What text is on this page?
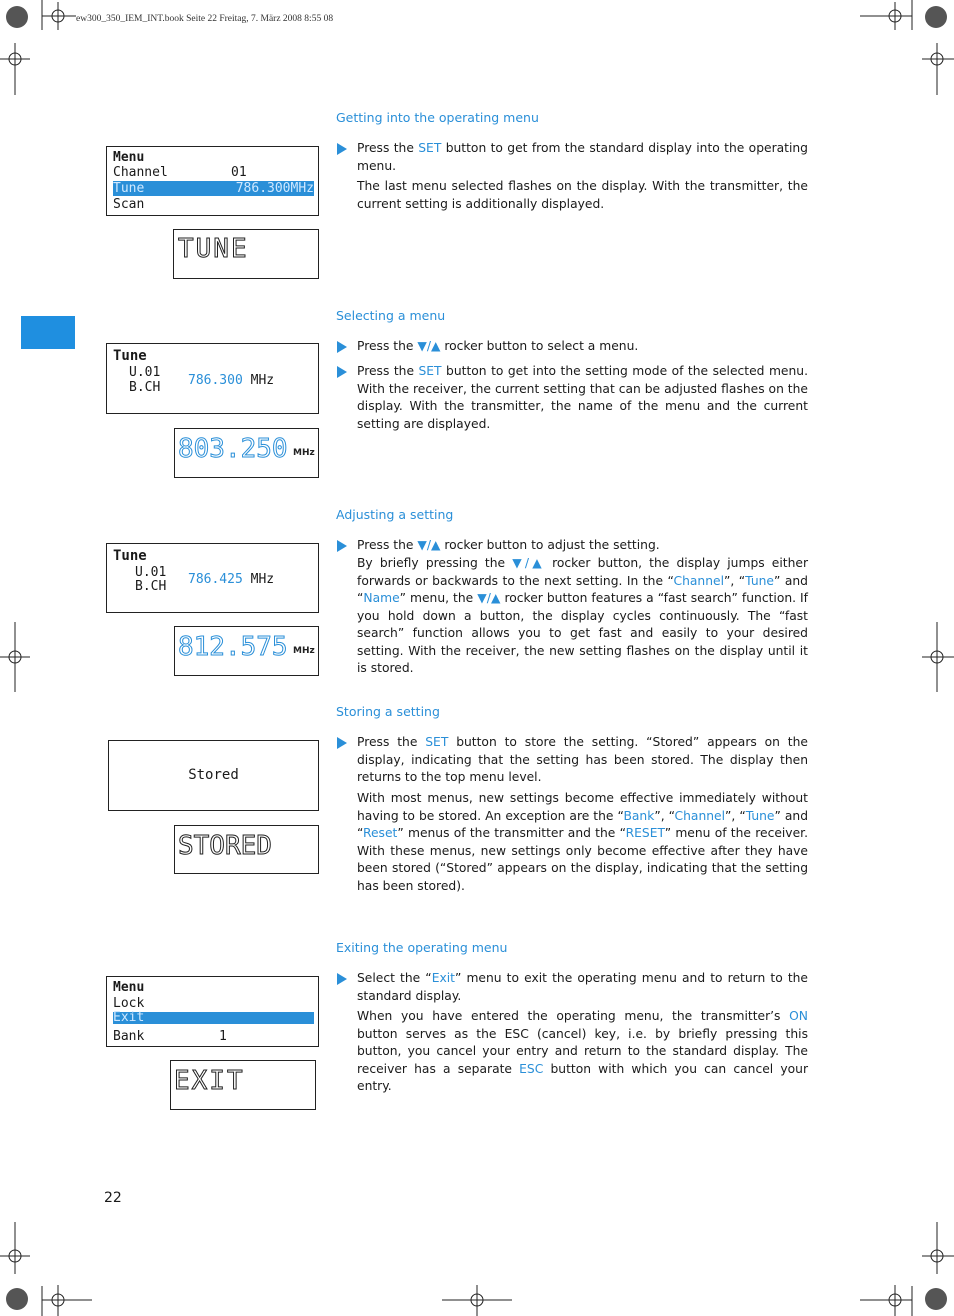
ew300_350_IEM_INT.book Seite 22 Freitag, 7. März 2008 8:55 08
Getting into the operating menu
Press the SET button to get from the standard display into the operating menu.
The last menu selected flashes on the display. With the transmitter, the current setting is additionally displayed.
Menu
Channel	01
Tune	786.300MHz
Scan
TUNE
Selecting a menu
Press the ▼/▲ rocker button to select a menu.
Press the SET button to get into the setting mode of the selected menu. With the receiver, the current setting that can be adjusted flashes on the display. With the transmitter, the name of the menu and the current setting are displayed.
Tune
U.01
B.CH	786.300 MHz
803.250 MHz
Adjusting a setting
Press the ▼/▲ rocker button to adjust the setting.
By briefly pressing the ▼/▲ rocker button, the display jumps either forwards or backwards to the next setting. In the “Channel”, “Tune” and “Name” menu, the ▼/▲ rocker button features a “fast search” function. If you hold down a button, the display cycles continuously. The “fast search” function allows you to get fast and easily to your desired setting. With the receiver, the new setting flashes on the display until it is stored.
Tune
U.01
B.CH	786.425 MHz
812.575 MHz
Storing a setting
Press the SET button to store the setting. “Stored” appears on the display, indicating that the setting has been stored. The display then returns to the top menu level.
With most menus, new settings become effective immediately without having to be stored. An exception are the “Bank”, “Channel”, “Tune” and “Reset” menus of the transmitter and the “RESET” menu of the receiver. With these menus, new settings only become effective after they have been stored (“Stored” appears on the display, indicating that the setting has been stored).
Stored
STORED
Exiting the operating menu
Select the “Exit” menu to exit the operating menu and to return to the standard display.
When you have entered the operating menu, the transmitter’s ON button serves as the ESC (cancel) key, i.e. by briefly pressing this button, you cancel your entry and return to the standard display. The receiver has a separate ESC button with which you can cancel your entry.
Menu
Lock
Exit
Bank	1
EXIT
22
